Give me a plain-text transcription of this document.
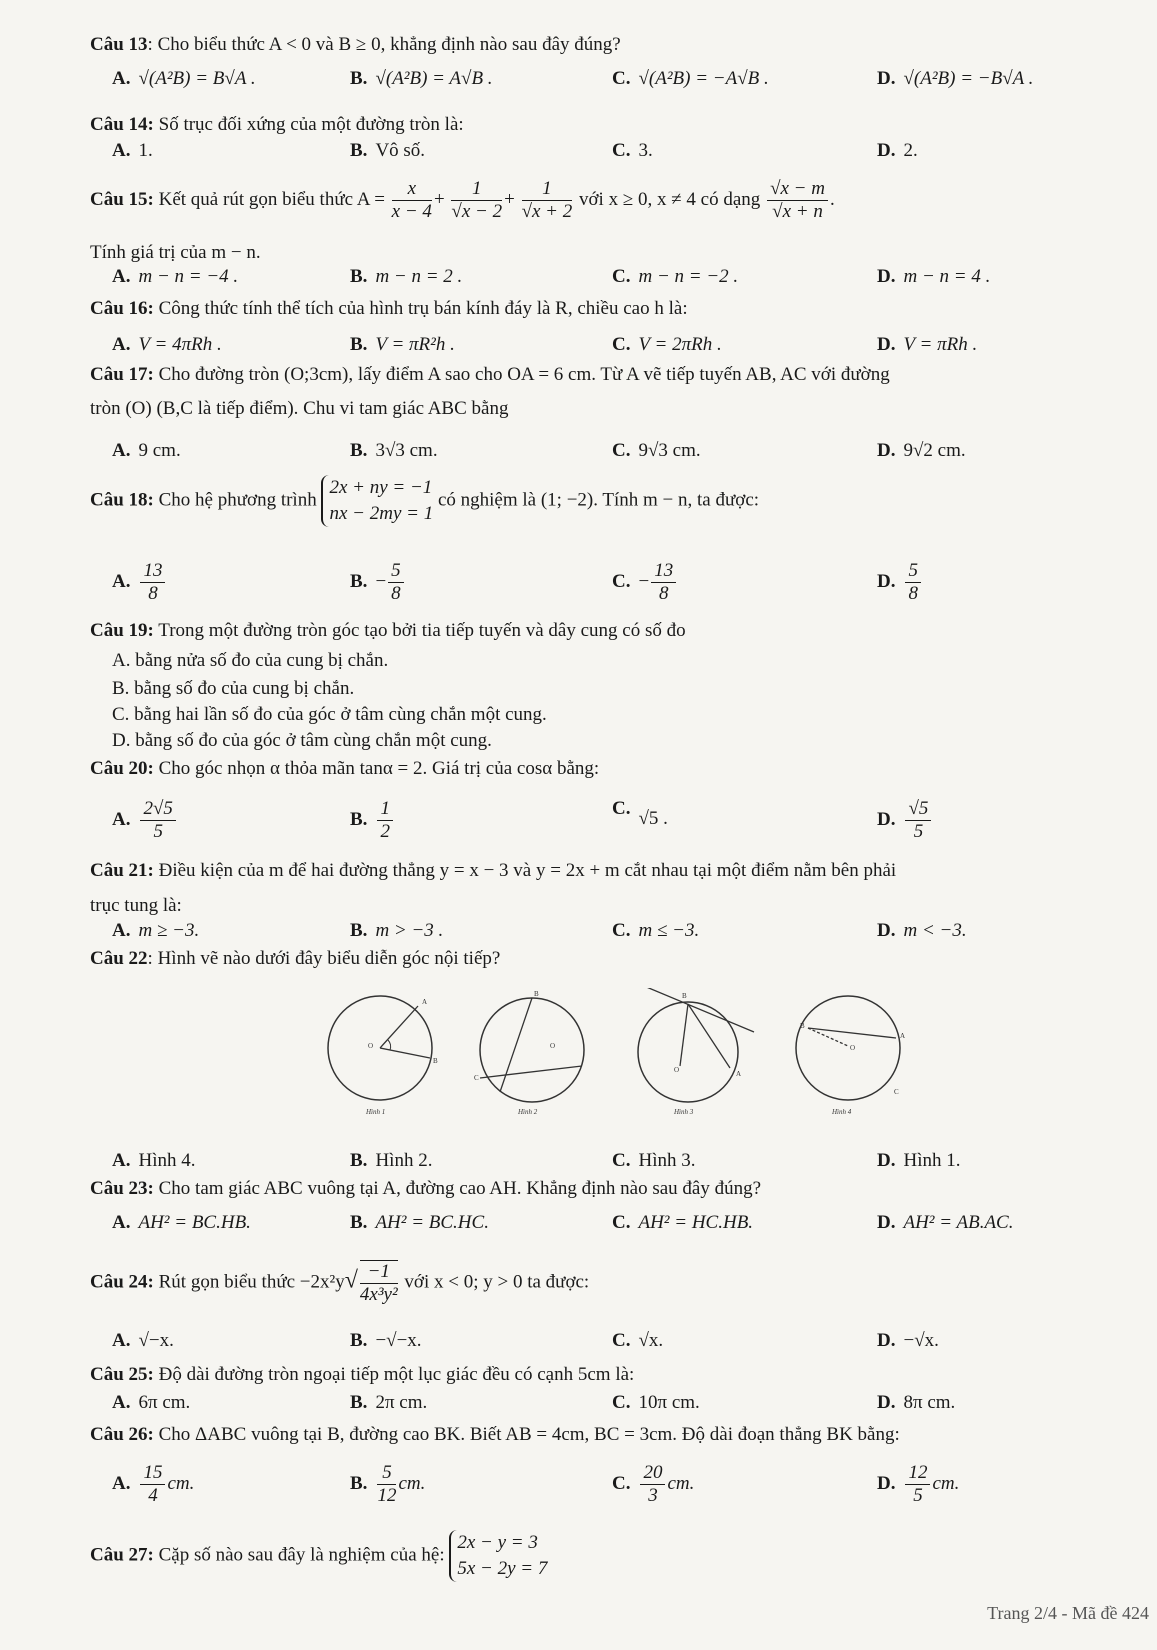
Câu 13: Cho biểu thức A < 0 và B ≥ 0, khẳng định nào sau đây đúng?
A. √(A²B) = B√A .	B. √(A²B) = A√B .	C. √(A²B) = −A√B .	D. √(A²B) = −B√A .
Câu 14: Số trục đối xứng của một đường tròn là:
A. 1.	B. Vô số.	C. 3.	D. 2.
Câu 15: Kết quả rút gọn biểu thức $A = \frac{x}{x - 4} + \frac{1}{√x - 2} + \frac{1}{√x + 2}$ với x ≥ 0, x ≠ 4 có dạng $\frac{√x - m}{√x + n}$ .
Tính giá trị của m − n.
A. m − n = −4 .	B. m − n = 2 .	C. m − n = −2 .	D. m − n = 4 .
Câu 16: Công thức tính thể tích của hình trụ bán kính đáy là R, chiều cao h là:
A. V = 4πRh .	B. V = πR²h .	C. V = 2πRh .	D. V = πRh .
Câu 17: Cho đường tròn (O;3cm), lấy điểm A sao cho OA = 6 cm. Từ A vẽ tiếp tuyến AB, AC với đường
tròn (O) (B,C là tiếp điểm). Chu vi tam giác ABC bằng
A. 9 cm.	B. 3√3 cm.	C. 9√3 cm.	D. 9√2 cm.
Câu 18: Cho hệ phương trình
2x + ny = −1
nx − 2my = 1
có nghiệm là (1; −2). Tính m − n, ta được:
A. $\frac{13}{8}$	B. − $\frac{5}{8}$	C. − $\frac{13}{8}$	D. $\frac{5}{8}$
Câu 19: Trong một đường tròn góc tạo bởi tia tiếp tuyến và dây cung có số đo
A. bằng nửa số đo của cung bị chắn.
B. bằng số đo của cung bị chắn.
C. bằng hai lần số đo của góc ở tâm cùng chắn một cung.
D. bằng số đo của góc ở tâm cùng chắn một cung.
Câu 20: Cho góc nhọn α thỏa mãn tanα = 2. Giá trị của cosα bằng:
A. $\frac{2√5}{5}$	B. $\frac{1}{2}$	C. √5 .	D. $\frac{√5}{5}$
Câu 21: Điều kiện của m để hai đường thẳng y = x − 3 và y = 2x + m cắt nhau tại một điểm nằm bên phải
trục tung là:
A. m ≥ −3.	B. m > −3 .	C. m ≤ −3.	D. m < −3.
Câu 22: Hình vẽ nào dưới đây biểu diễn góc nội tiếp?
A
B
O
Hình 1
B
C
O
Hình 2
B
O	A
Hình 3
B
A
O
C
Hình 4
A. Hình 4.	B. Hình 2.	C. Hình 3.	D. Hình 1.
Câu 23: Cho tam giác ABC vuông tại A, đường cao AH. Khẳng định nào sau đây đúng?
A. AH² = BC.HB.	B. AH² = BC.HC.	C. AH² = HC.HB.	D. AH² = AB.AC.
Câu 24: Rút gọn biểu thức $-2x^2y√ \frac{-1}{\text{4x³y²}}$ với x < 0; y > 0 ta được:
A. √−x.	B. −√−x.	C. √x.	D. −√x.
Câu 25: Độ dài đường tròn ngoại tiếp một lục giác đều có cạnh 5cm là:
A. 6π cm.	B. 2π cm.	C. 10π cm.	D. 8π cm.
Câu 26: Cho ΔABC vuông tại B, đường cao BK. Biết AB = 4cm, BC = 3cm. Độ dài đoạn thẳng BK bằng:
A. $\frac{15}{4}$ cm.	B. $\frac{5}{12}$ cm.	C. $\frac{20}{3}$ cm.	D. $\frac{12}{5}$ cm.
Câu 27: Cặp số nào sau đây là nghiệm của hệ:
2x − y = 3
5x − 2y = 7
Trang 2/4 - Mã đề 424
